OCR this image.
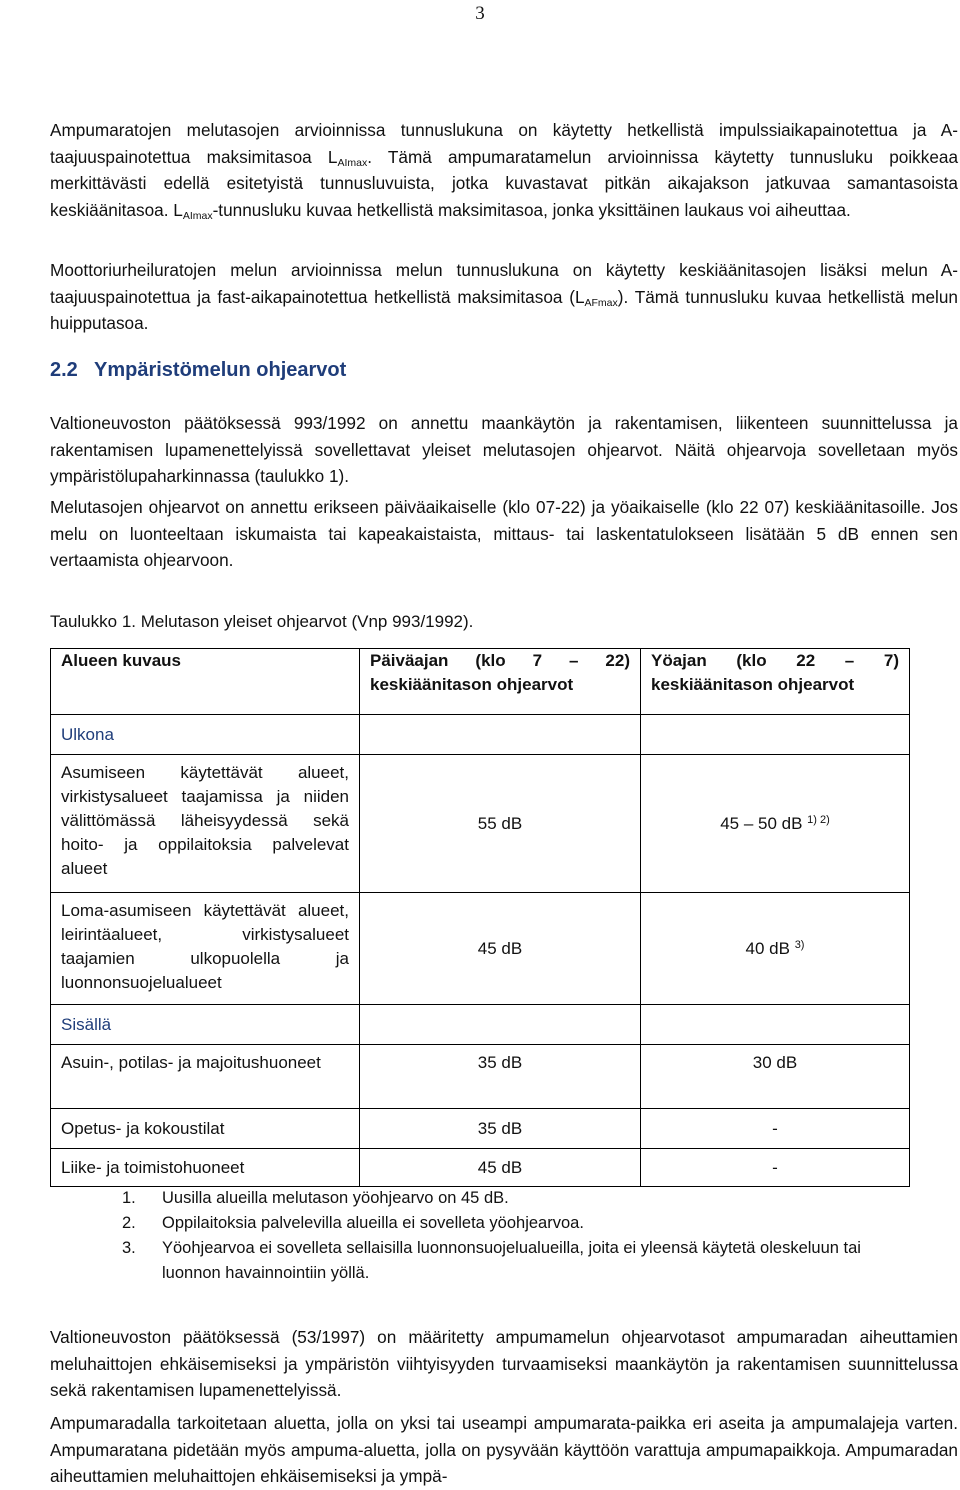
3

Ampumaratojen melutasojen arvioinnissa tunnuslukuna on käytetty hetkellistä impulssiaikapainotettua ja A-taajuuspainotettua maksimitasoa $L_{AImax}$. Tämä ampumaratamelun arvioinnissa käytetty tunnusluku poikkeaa merkittävästi edellä esitetyistä tunnusluvuista, jotka kuvastavat pitkän aikajakson jatkuvaa samantasoista keskiäänitasoa. $L_{AImax}$-tunnusluku kuvaa hetkellistä maksimitasoa, jonka yksittäinen laukaus voi aiheuttaa.

Moottoriurheiluratojen melun arvioinnissa melun tunnuslukuna on käytetty keskiäänitasojen lisäksi melun A-taajuuspainotettua ja fast-aikapainotettua hetkellistä maksimitasoa $(L_{AFmax})$. Tämä tunnusluku kuvaa hetkellistä melun huipputasoa.

2.2 Ympäristömelun ohjearvot

Valtioneuvoston päätöksessä 993/1992 on annettu maankäytön ja rakentamisen, liikenteen suunnittelussa ja rakentamisen lupamenettelyissä sovellettavat yleiset melutasojen ohjearvot. Näitä ohjearvoja sovelletaan myös ympäristölupaharkinnassa (taulukko 1).

Melutasojen ohjearvot on annettu erikseen päiväaikaiselle (klo 07-22) ja yöaikaiselle (klo 22 07) keskiäänitasoille. Jos melu on luonteeltaan iskumaista tai kapeakaistaista, mittaus- tai laskentatulokseen lisätään 5 dB ennen sen vertaamista ohjearvoon.

Taulukko 1. Melutason yleiset ohjearvot (Vnp 993/1992).
Alueen kuvaus	Päiväajan (klo 7 – 22) keskiäänitason ohjearvot	Yöajan (klo 22 – 7) keskiäänitason ohjearvot
Ulkona		
Asumiseen käytettävät alueet, virkistysalueet taajamissa ja niiden välittömässä läheisyydessä sekä hoito- ja oppilaitoksia palvelevat alueet	55 dB	45 – 50 dB $^{1) 2)}$
Loma-asumiseen käytettävät alueet, leirintäalueet, virkistysalueet taajamien ulkopuolella ja luonnonsuojelualueet	45 dB	40 dB $^{3)}$
Sisällä		
Asuin-, potilas- ja majoitushuoneet	35 dB	30 dB
Opetus- ja kokoustilat	35 dB	-
Liike- ja toimistohuoneet	45 dB	-
1.	Uusilla alueilla melutason yöohjearvo on 45 dB.
2.	Oppilaitoksia palvelevilla alueilla ei sovelleta yöohjearvoa.
3.	Yöohjearvoa ei sovelleta sellaisilla luonnonsuojelualueilla, joita ei yleensä käytetä oleskeluun tai luonnon havainnointiin yöllä.

Valtioneuvoston päätöksessä (53/1997) on määritetty ampumamelun ohjearvotasot ampumaradan aiheuttamien meluhaittojen ehkäisemiseksi ja ympäristön viihtyisyyden turvaamiseksi maankäytön ja rakentamisen suunnittelussa sekä rakentamisen lupamenettelyissä.

Ampumaradalla tarkoitetaan aluetta, jolla on yksi tai useampi ampumarata-paikka eri aseita ja ampumalajeja varten. Ampumaratana pidetään myös ampuma-aluetta, jolla on pysyvään käyttöön varattuja ampumapaikkoja. Ampumaradan aiheuttamien meluhaittojen ehkäisemiseksi ja ympä-
